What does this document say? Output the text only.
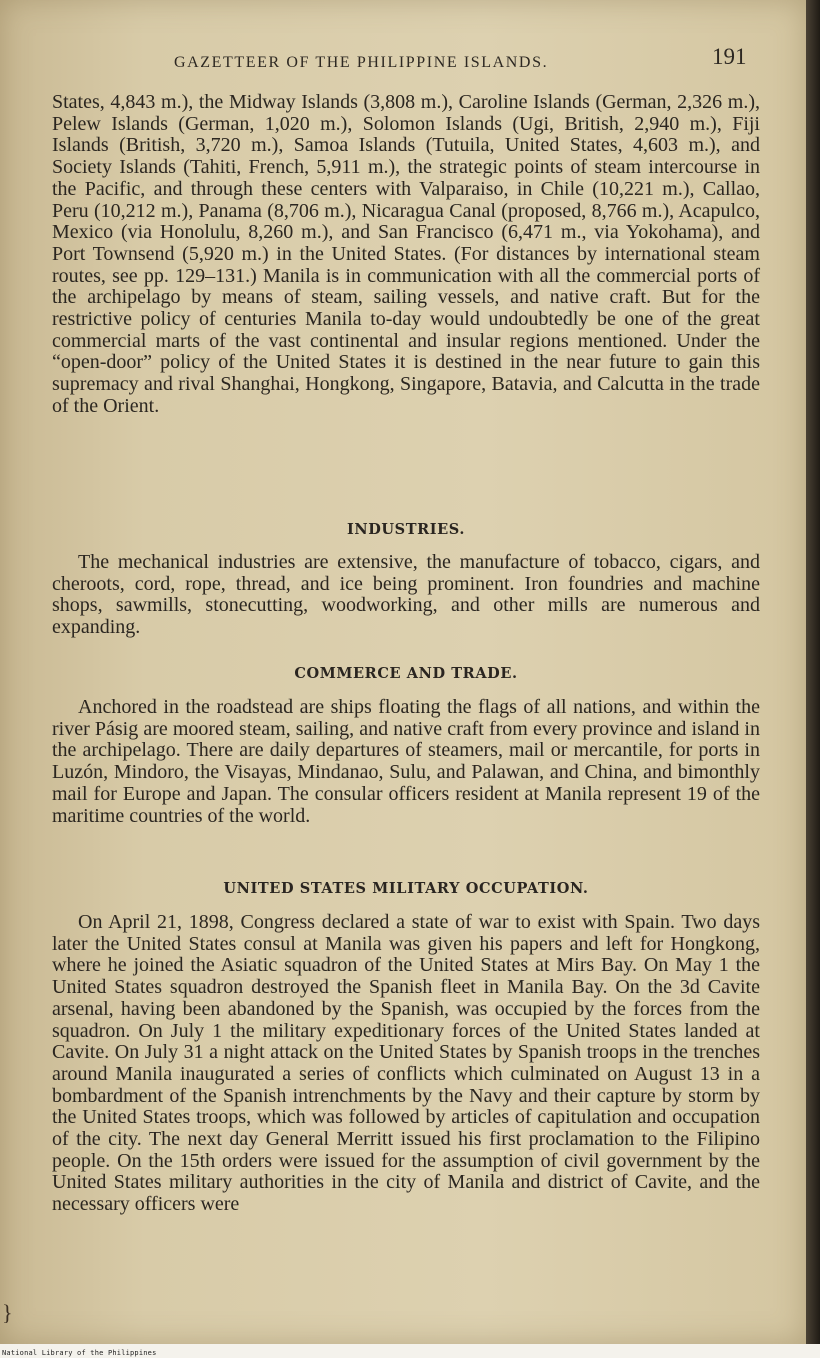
GAZETTEER OF THE PHILIPPINE ISLANDS.	191

States, 4,843 m.), the Midway Islands (3,808 m.), Caroline Islands (German, 2,326 m.), Pelew Islands (German, 1,020 m.), Solomon Islands (Ugi, British, 2,940 m.), Fiji Islands (British, 3,720 m.), Samoa Islands (Tutuila, United States, 4,603 m.), and Society Islands (Tahiti, French, 5,911 m.), the strategic points of steam intercourse in the Pacific, and through these centers with Valparaiso, in Chile (10,221 m.), Callao, Peru (10,212 m.), Panama (8,706 m.), Nicaragua Canal (proposed, 8,766 m.), Acapulco, Mexico (via Honolulu, 8,260 m.), and San Francisco (6,471 m., via Yokohama), and Port Townsend (5,920 m.) in the United States. (For distances by international steam routes, see pp. 129–131.) Manila is in communication with all the commercial ports of the archipelago by means of steam, sailing vessels, and native craft. But for the restrictive policy of centuries Manila to-day would undoubtedly be one of the great commercial marts of the vast continental and insular regions mentioned. Under the “open-door” policy of the United States it is destined in the near future to gain this supremacy and rival Shanghai, Hongkong, Singapore, Batavia, and Calcutta in the trade of the Orient.

INDUSTRIES.

The mechanical industries are extensive, the manufacture of tobacco, cigars, and cheroots, cord, rope, thread, and ice being prominent. Iron foundries and machine shops, sawmills, stonecutting, woodworking, and other mills are numerous and expanding.

COMMERCE AND TRADE.

Anchored in the roadstead are ships floating the flags of all nations, and within the river Pásig are moored steam, sailing, and native craft from every province and island in the archipelago. There are daily departures of steamers, mail or mercantile, for ports in Luzón, Mindoro, the Visayas, Mindanao, Sulu, and Palawan, and China, and bimonthly mail for Europe and Japan. The consular officers resident at Manila represent 19 of the maritime countries of the world.

UNITED STATES MILITARY OCCUPATION.

On April 21, 1898, Congress declared a state of war to exist with Spain. Two days later the United States consul at Manila was given his papers and left for Hongkong, where he joined the Asiatic squadron of the United States at Mirs Bay. On May 1 the United States squadron destroyed the Spanish fleet in Manila Bay. On the 3d Cavite arsenal, having been abandoned by the Spanish, was occupied by the forces from the squadron. On July 1 the military expeditionary forces of the United States landed at Cavite. On July 31 a night attack on the United States by Spanish troops in the trenches around Manila inaugurated a series of conflicts which culminated on August 13 in a bombardment of the Spanish intrenchments by the Navy and their capture by storm by the United States troops, which was followed by articles of capitulation and occupation of the city. The next day General Merritt issued his first proclamation to the Filipino people. On the 15th orders were issued for the assumption of civil government by the United States military authorities in the city of Manila and district of Cavite, and the necessary officers were

}
National Library of the Philippines
